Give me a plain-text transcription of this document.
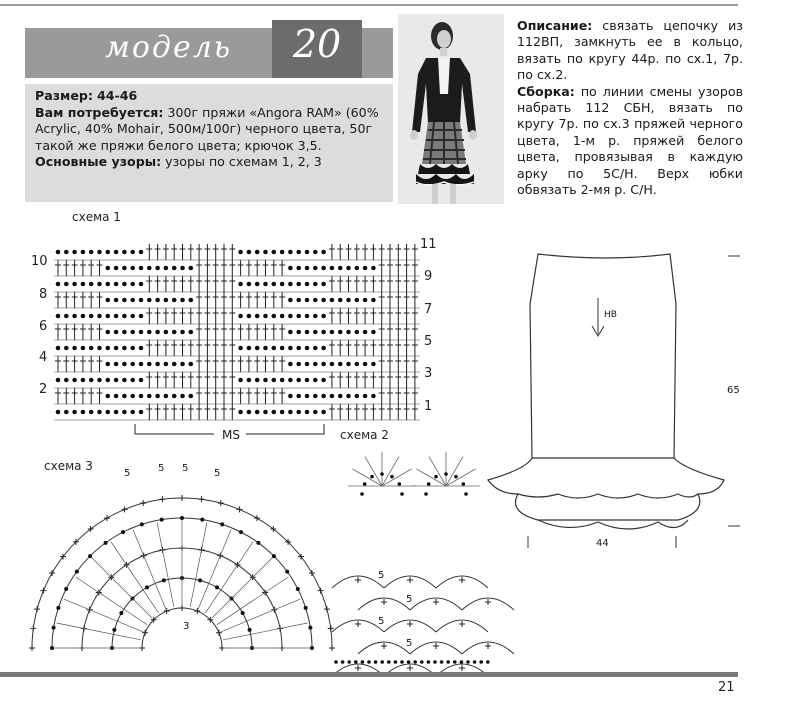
модель	20
Размер: 44-46
Вам потребуется: 300г пряжи «Angora RAM» (60% Acrylic, 40% Mohair, 500м/100г) черного цвета, 50г такой же пряжи белого цвета; крючок 3,5.
Основные узоры: узоры по схемам 1, 2, 3
Описание: связать цепочку из 112ВП, замкнуть ее в кольцо, вязать по кругу 44р. по сх.1, 7р. по сх.2.
Сборка: по линии смены узоров набрать 112 СБН, вязать по кругу 7р. по сх.3 пряжей черного цвета, 1-м р. пряжей белого цвета, провязывая в каждую арку по 5С/Н. Верх юбки обвязать 2-мя р. С/Н.
схема 1
10
8
6
4
2
11
9
7
5
3
1
MS	схема 2
5
5
5
5
схема 3
5	5 5	5
3
НВ
65
44
21
